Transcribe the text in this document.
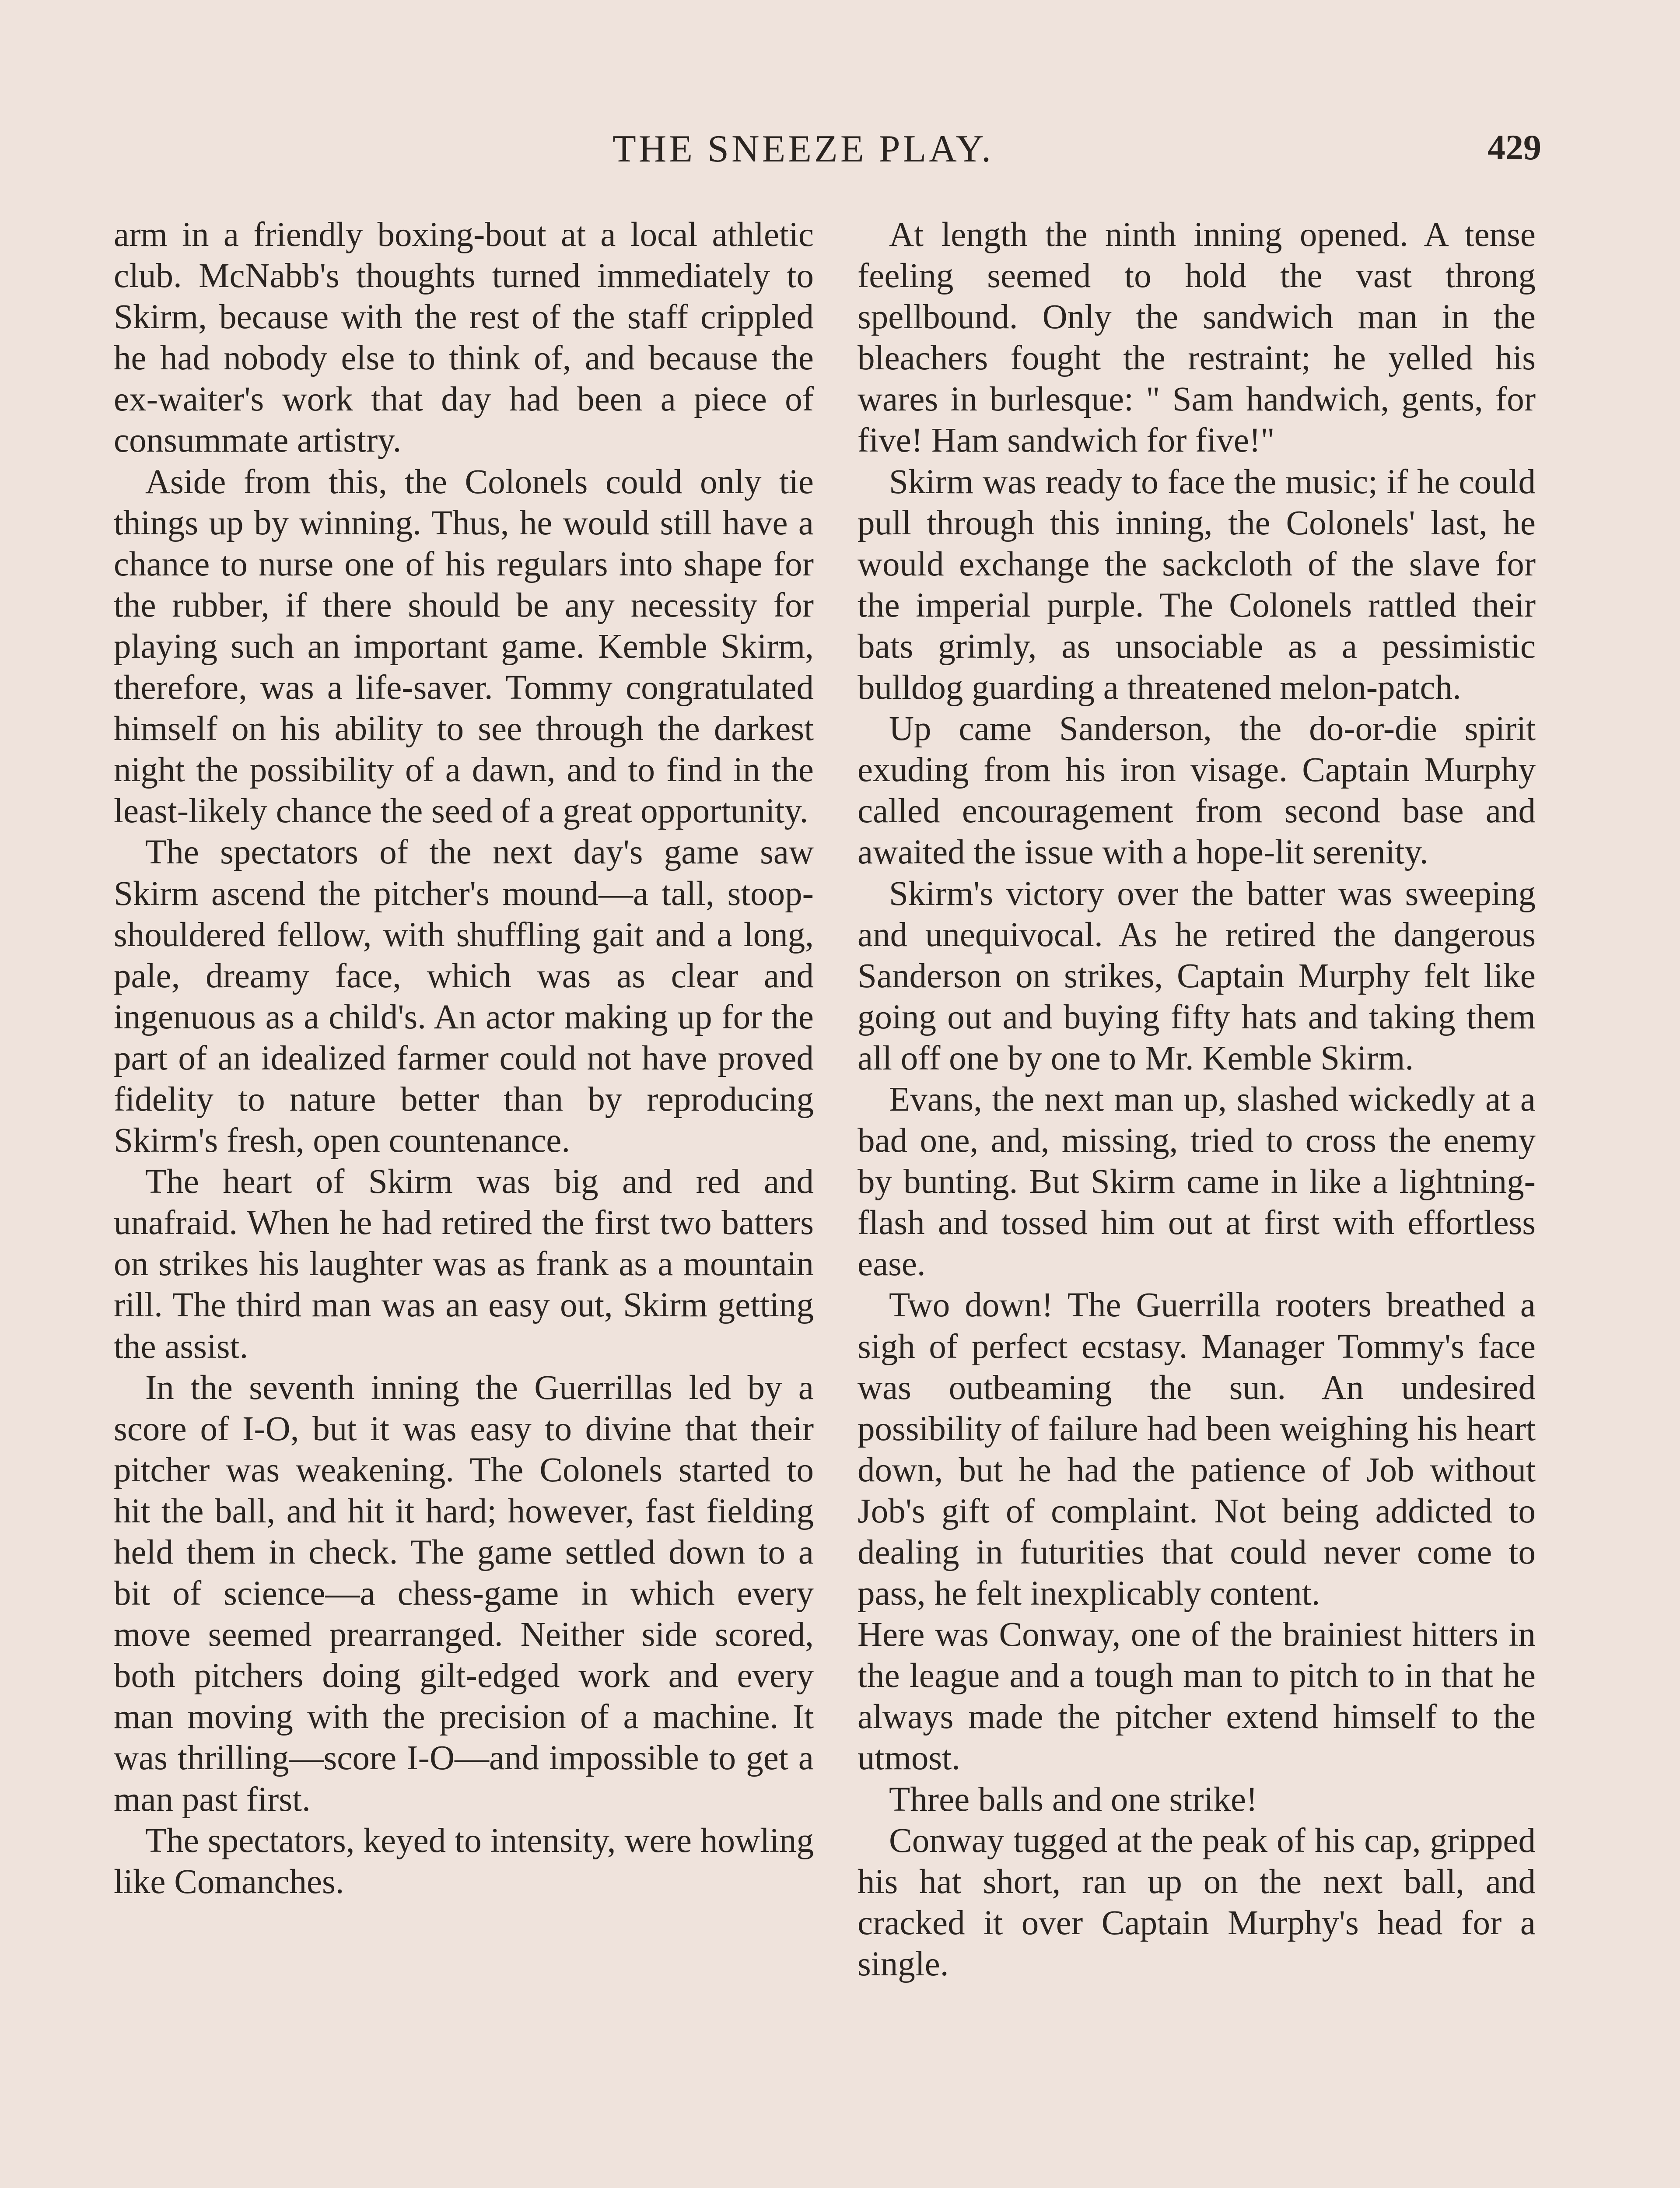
THE SNEEZE PLAY.	429

arm in a friendly boxing-bout at a local athletic club. McNabb's thoughts turned immediately to Skirm, because with the rest of the staff crippled he had nobody else to think of, and because the ex-waiter's work that day had been a piece of consummate artistry.

Aside from this, the Colonels could only tie things up by winning. Thus, he would still have a chance to nurse one of his regulars into shape for the rubber, if there should be any necessity for playing such an important game. Kemble Skirm, therefore, was a life-saver. Tommy congratulated himself on his ability to see through the darkest night the possibility of a dawn, and to find in the least-likely chance the seed of a great opportunity.

The spectators of the next day's game saw Skirm ascend the pitcher's mound—a tall, stoop-shouldered fellow, with shuffling gait and a long, pale, dreamy face, which was as clear and ingenuous as a child's. An actor making up for the part of an idealized farmer could not have proved fidelity to nature better than by reproducing Skirm's fresh, open countenance.

The heart of Skirm was big and red and unafraid. When he had retired the first two batters on strikes his laughter was as frank as a mountain rill. The third man was an easy out, Skirm getting the assist.

In the seventh inning the Guerrillas led by a score of I-O, but it was easy to divine that their pitcher was weakening. The Colonels started to hit the ball, and hit it hard; however, fast fielding held them in check. The game settled down to a bit of science—a chess-game in which every move seemed prearranged. Neither side scored, both pitchers doing gilt-edged work and every man moving with the precision of a machine. It was thrilling—score I-O—and impossible to get a man past first.

The spectators, keyed to intensity, were howling like Comanches.

At length the ninth inning opened. A tense feeling seemed to hold the vast throng spellbound. Only the sandwich man in the bleachers fought the restraint; he yelled his wares in burlesque: " Sam handwich, gents, for five! Ham sandwich for five!"

Skirm was ready to face the music; if he could pull through this inning, the Colonels' last, he would exchange the sackcloth of the slave for the imperial purple. The Colonels rattled their bats grimly, as unsociable as a pessimistic bulldog guarding a threatened melon-patch.

Up came Sanderson, the do-or-die spirit exuding from his iron visage. Captain Murphy called encouragement from second base and awaited the issue with a hope-lit serenity.

Skirm's victory over the batter was sweeping and unequivocal. As he retired the dangerous Sanderson on strikes, Captain Murphy felt like going out and buying fifty hats and taking them all off one by one to Mr. Kemble Skirm.

Evans, the next man up, slashed wickedly at a bad one, and, missing, tried to cross the enemy by bunting. But Skirm came in like a lightning-flash and tossed him out at first with effortless ease.

Two down! The Guerrilla rooters breathed a sigh of perfect ecstasy. Manager Tommy's face was outbeaming the sun. An undesired possibility of failure had been weighing his heart down, but he had the patience of Job without Job's gift of complaint. Not being addicted to dealing in futurities that could never come to pass, he felt inexplicably content.

Here was Conway, one of the brainiest hitters in the league and a tough man to pitch to in that he always made the pitcher extend himself to the utmost.

Three balls and one strike!

Conway tugged at the peak of his cap, gripped his hat short, ran up on the next ball, and cracked it over Captain Murphy's head for a single.
